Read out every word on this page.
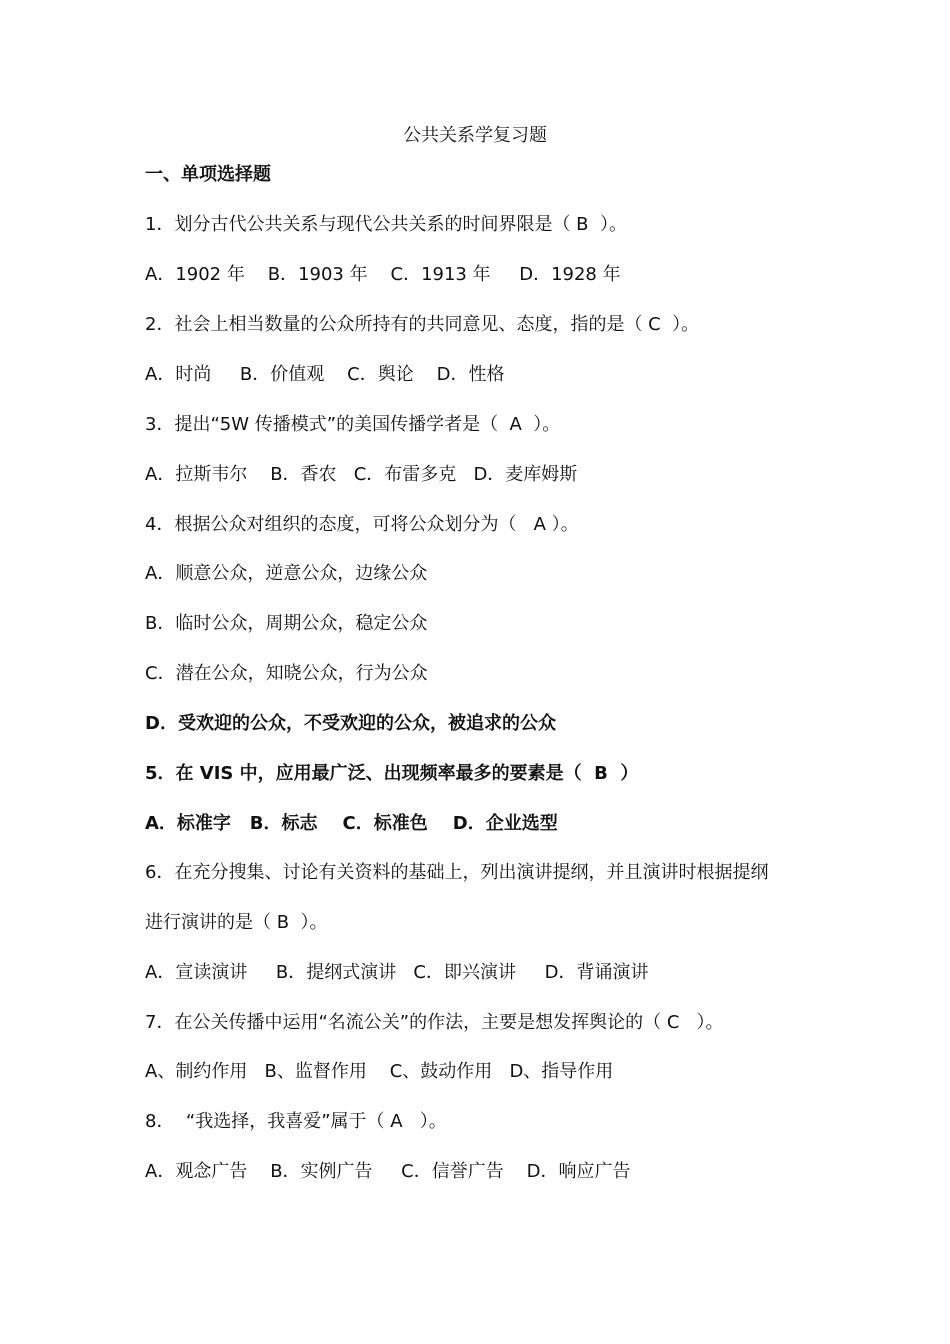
公共关系学复习题
一、单项选择题
1．划分古代公共关系与现代公共关系的时间界限是（ B  ）。
A．1902 年    B．1903 年    C．1913 年     D．1928 年
2．社会上相当数量的公众所持有的共同意见、态度，指的是（ C  ）。
A．时尚     B．价值观    C．舆论    D．性格
3．提出“5W 传播模式”的美国传播学者是（  A  ）。
A．拉斯韦尔    B．香农   C．布雷多克   D．麦库姆斯
4．根据公众对组织的态度，可将公众划分为（   A ）。
A．顺意公众，逆意公众，边缘公众
B．临时公众，周期公众，稳定公众
C．潜在公众，知晓公众，行为公众
D．受欢迎的公众，不受欢迎的公众，被追求的公众
5．在 VIS 中，应用最广泛、出现频率最多的要素是（  B  ）
A．标准字   B．标志    C．标准色    D．企业选型
6．在充分搜集、讨论有关资料的基础上，列出演讲提纲，并且演讲时根据提纲
进行演讲的是（ B  ）。
A．宣读演讲     B．提纲式演讲   C．即兴演讲     D．背诵演讲
7．在公关传播中运用“名流公关”的作法，主要是想发挥舆论的（ C   ）。
A、制约作用   B、监督作用    C、鼓动作用   D、指导作用
8．  “我选择，我喜爱”属于（ A   ）。
A．观念广告    B．实例广告     C．信誉广告    D．响应广告
